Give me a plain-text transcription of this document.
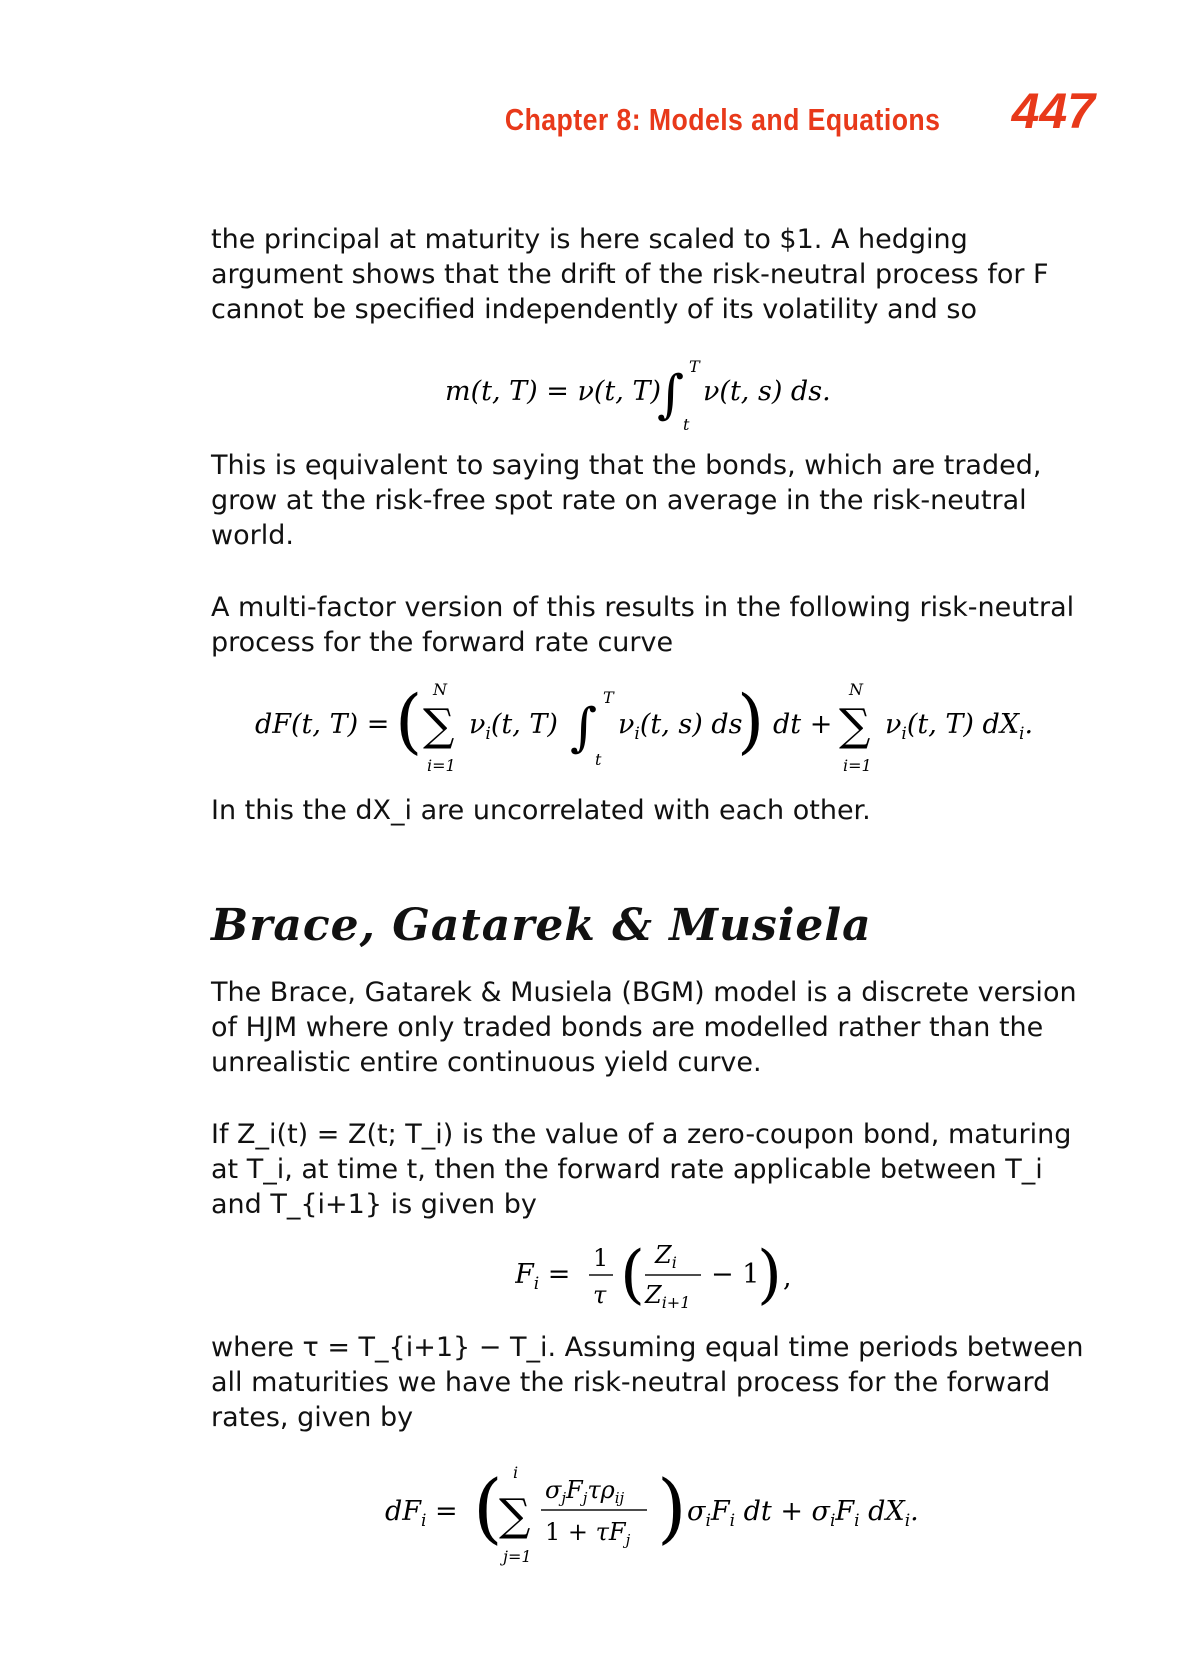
Chapter 8: Models and Equations 447
the principal at maturity is here scaled to $1. A hedging argument shows that the drift of the risk-neutral process for F cannot be specified independently of its volatility and so
m(t, T) = ν(t, T)
∫ T
t
ν(t, s) ds.
This is equivalent to saying that the bonds, which are traded, grow at the risk-free spot rate on average in the risk-neutral world.
A multi-factor version of this results in the following risk-neutral process for the forward rate curve
dF(t, T) = ( ∑
N
i=1
$\nu_i(t$, T) ∫
T
t
$\nu_i(t$, s) ds
) dt + ∑
N
i=1
$\nu_i(t$, T) $dX_i$.
In this the dX_i are uncorrelated with each other.
Brace, Gatarek & Musiela
The Brace, Gatarek & Musiela (BGM) model is a discrete version of HJM where only traded bonds are modelled rather than the unrealistic entire continuous yield curve.
If Z_i(t) = Z(t; T_i) is the value of a zero-coupon bond, maturing at T_i, at time t, then the forward rate applicable between T_i and T_{i+1} is given by
$F_i$ =
1
τ ( $Z_i$
$Z_{i+1}$
− 1
) ,
where τ = T_{i+1} − T_i. Assuming equal time periods between all maturities we have the risk-neutral process for the forward rates, given by
$dF_i$ = (
∑
i
j=1
$\sigma_jF_j\tau\rho_{ij}$
$1 + \tau F_j$ ) $\sigma_iF_i$ dt + $\sigma_iF_i$ $dX_i$.
